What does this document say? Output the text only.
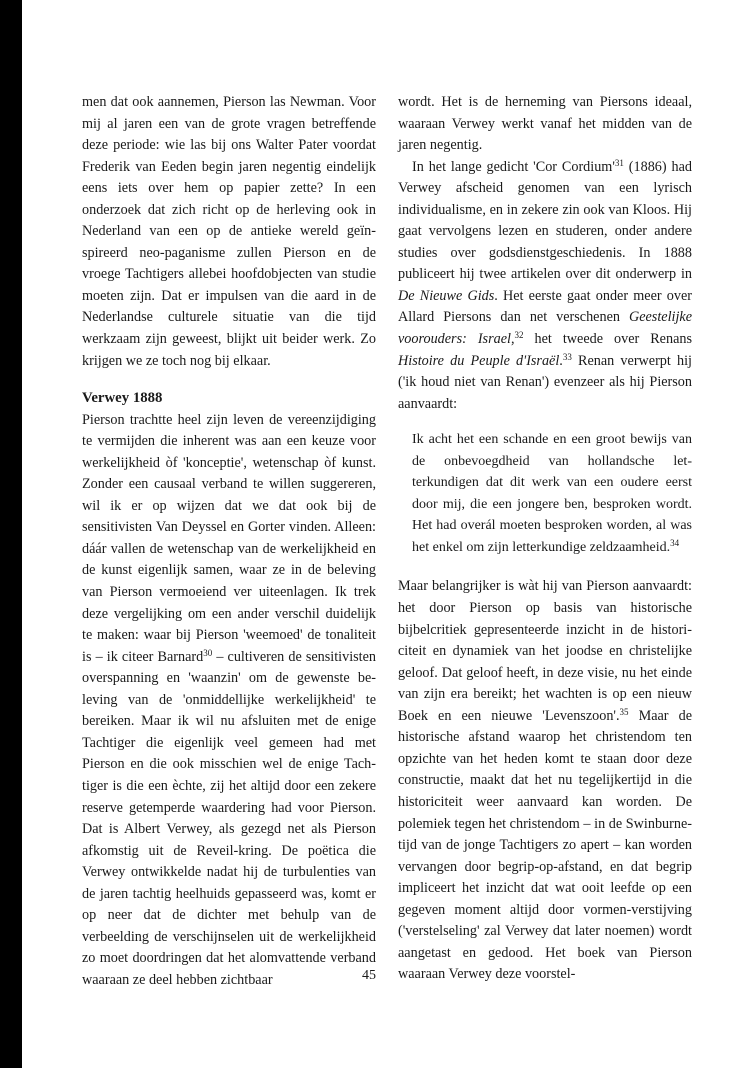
men dat ook aannemen, Pierson las Newman. Voor mij al jaren een van de grote vragen betreffende deze periode: wie las bij ons Walter Pater voordat Frederik van Eeden begin jaren negentig eindelijk eens iets over hem op papier zette? In een onderzoek dat zich richt op de herleving ook in Nederland van een op de antieke wereld geïnspireerd neo-paganisme zullen Pierson en de vroege Tachtigers allebei hoofdobjecten van studie moeten zijn. Dat er impulsen van die aard in de Nederlandse culturele situatie van die tijd werkzaam zijn geweest, blijkt uit beider werk. Zo krijgen we ze toch nog bij elkaar.

Verwey 1888

Pierson trachtte heel zijn leven de vereenzijdiging te vermijden die inherent was aan een keuze voor werkelijkheid òf 'konceptie', wetenschap òf kunst. Zonder een causaal verband te willen suggereren, wil ik er op wijzen dat we dat ook bij de sensitivisten Van Deyssel en Gorter vinden. Alleen: dáár vallen de wetenschap van de werkelijkheid en de kunst eigenlijk samen, waar ze in de beleving van Pierson vermoeiend ver uiteenlagen. Ik trek deze vergelijking om een ander verschil duidelijk te maken: waar bij Pierson 'weemoed' de tonaliteit is – ik citeer Barnard$^{30}$ – cultiveren de sensitivisten overspanning en 'waanzin' om de gewenste beleving van de 'onmiddellijke werkelijkheid' te bereiken. Maar ik wil nu afsluiten met de enige Tachtiger die eigenlijk veel gemeen had met Pierson en die ook misschien wel de enige Tachtiger is die een èchte, zij het altijd door een zekere reserve getemperde waardering had voor Pierson. Dat is Albert Verwey, als gezegd net als Pierson afkomstig uit de Reveil-kring. De poëtica die Verwey ontwikkelde nadat hij de turbulenties van de jaren tachtig heelhuids gepasseerd was, komt er op neer dat de dichter met behulp van de verbeelding de verschijnselen uit de werkelijkheid zo moet doordringen dat het alomvattende verband waaraan ze deel hebben zichtbaar

wordt. Het is de herneming van Piersons ideaal, waaraan Verwey werkt vanaf het midden van de jaren negentig.

In het lange gedicht 'Cor $Cordium'^{31}$ (1886) had Verwey afscheid genomen van een lyrisch individualisme, en in zekere zin ook van Kloos. Hij gaat vervolgens lezen en studeren, onder andere studies over godsdienstgeschiedenis. In 1888 publiceert hij twee artikelen over dit onderwerp in De Nieuwe Gids. Het eerste gaat onder meer over Allard Piersons dan net verschenen Geestelijke voorouders: Israel,$^{32}$ het tweede over Renans Histoire du Peuple d'Israël.$^{33}$ Renan verwerpt hij ('ik houd niet van Renan') evenzeer als hij Pierson aanvaardt:

Ik acht het een schande en een groot bewijs van de onbevoegdheid van hollandsche letterkundigen dat dit werk van een oudere eerst door mij, die een jongere ben, besproken wordt. Het had overál moeten besproken worden, al was het enkel om zijn letterkundige zeldzaamheid.$^{34}$

Maar belangrijker is wàt hij van Pierson aanvaardt: het door Pierson op basis van historische bijbelcritiek gepresenteerde inzicht in de historiciteit en dynamiek van het joodse en christelijke geloof. Dat geloof heeft, in deze visie, nu het einde van zijn era bereikt; het wachten is op een nieuw Boek en een nieuwe 'Levenszoon'.$^{35}$ Maar de historische afstand waarop het christendom ten opzichte van het heden komt te staan door deze constructie, maakt dat het nu tegelijkertijd in die historiciteit weer aanvaard kan worden. De polemiek tegen het christendom – in de Swinburne-tijd van de jonge Tachtigers zo apert – kan worden vervangen door begrip-op-afstand, en dat begrip impliceert het inzicht dat wat ooit leefde op een gegeven moment altijd door vormen-verstijving ('verstelseling' zal Verwey dat later noemen) wordt aangetast en gedood. Het boek van Pierson waaraan Verwey deze voorstel-

45
